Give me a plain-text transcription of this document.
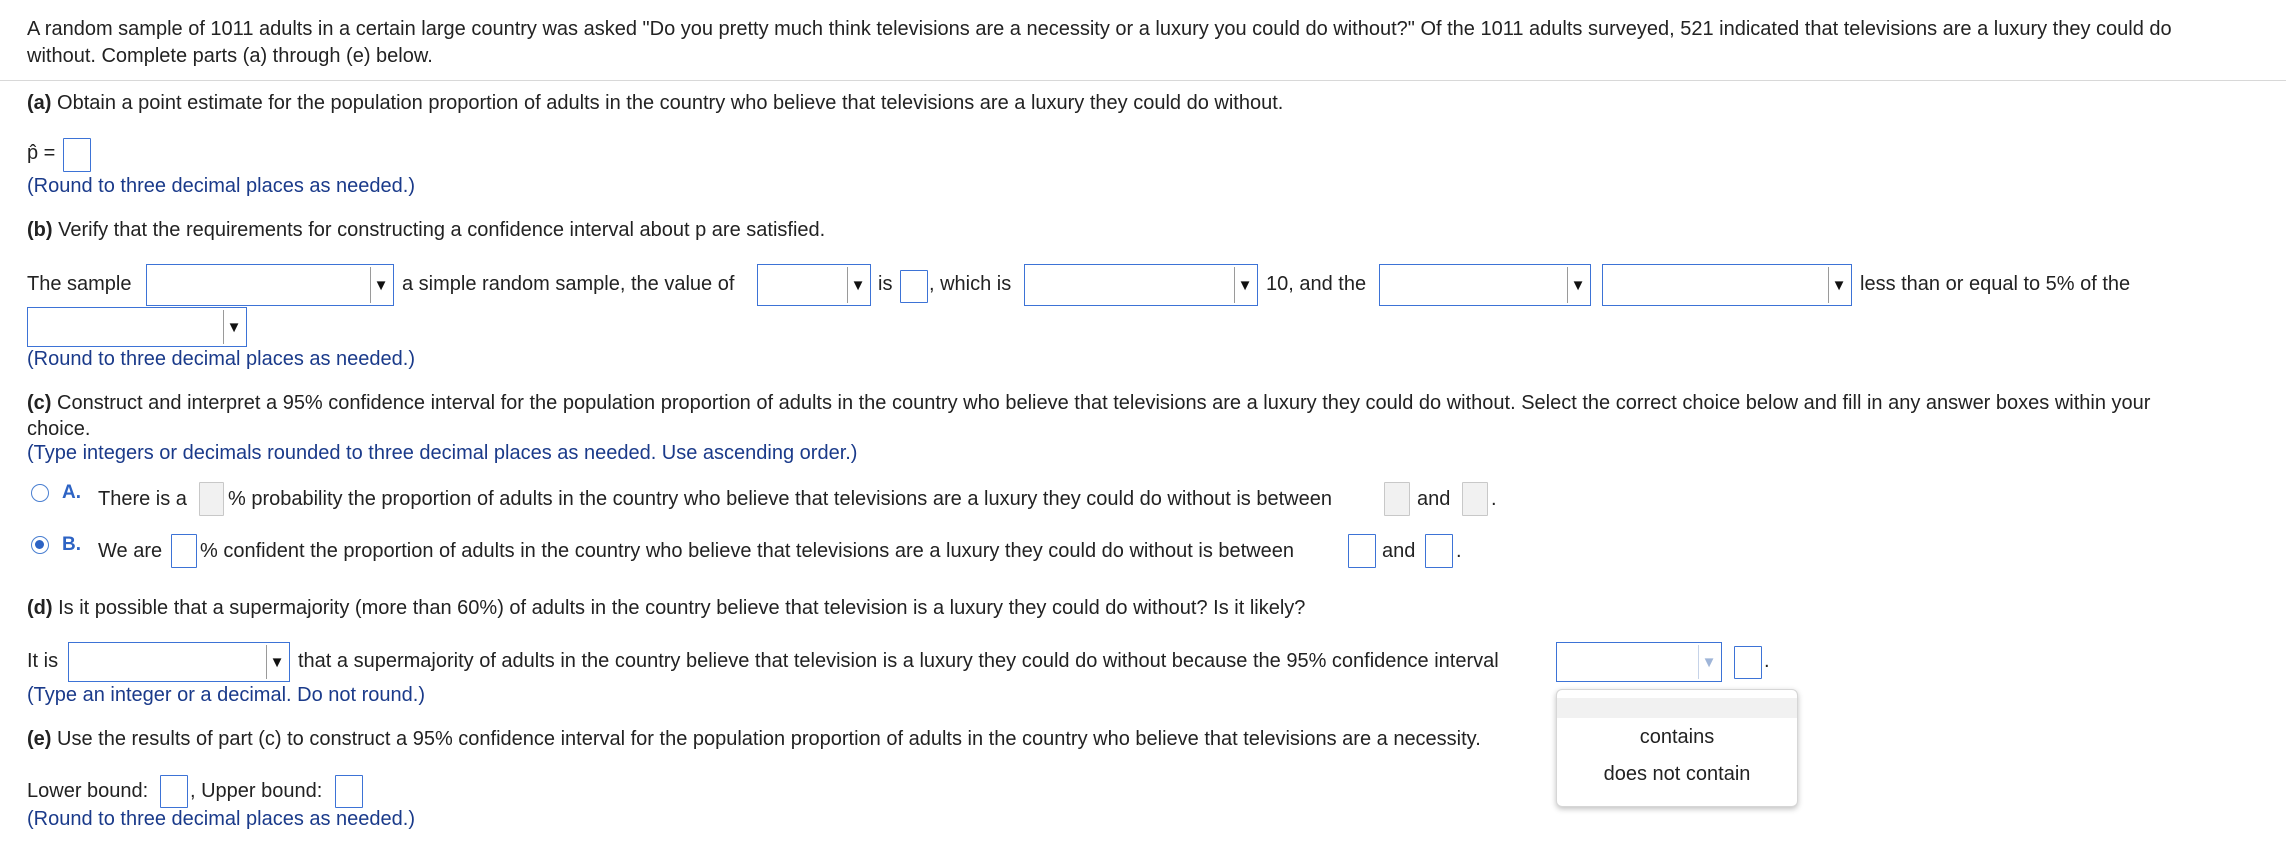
A random sample of 1011 adults in a certain large country was asked "Do you pretty much think televisions are a necessity or a luxury you could do without?" Of the 1011 adults surveyed, 521 indicated that televisions are a luxury they could do
without. Complete parts (a) through (e) below.
(a) Obtain a point estimate for the population proportion of adults in the country who believe that televisions are a luxury they could do without.
p̂ =
(Round to three decimal places as needed.)
(b) Verify that the requirements for constructing a confidence interval about p are satisfied.
The sample	▼ a simple random sample, the value of	▼ is , which is	▼ 10, and the	▼	▼ less than or equal to 5% of the
▼
(Round to three decimal places as needed.)
(c) Construct and interpret a 95% confidence interval for the population proportion of adults in the country who believe that televisions are a luxury they could do without. Select the correct choice below and fill in any answer boxes within your
choice.
(Type integers or decimals rounded to three decimal places as needed. Use ascending order.)
A. There is a % probability the proportion of adults in the country who believe that televisions are a luxury they could do without is between	and .
B. We are % confident the proportion of adults in the country who believe that televisions are a luxury they could do without is between	and .
(d) Is it possible that a supermajority (more than 60%) of adults in the country believe that television is a luxury they could do without? Is it likely?
It is	▼ that a supermajority of adults in the country believe that television is a luxury they could do without because the 95% confidence interval	▼ .
(Type an integer or a decimal. Do not round.)
(e) Use the results of part (c) to construct a 95% confidence interval for the population proportion of adults in the country who believe that televisions are a necessity.
Lower bound: , Upper bound:
(Round to three decimal places as needed.)
contains
does not contain
